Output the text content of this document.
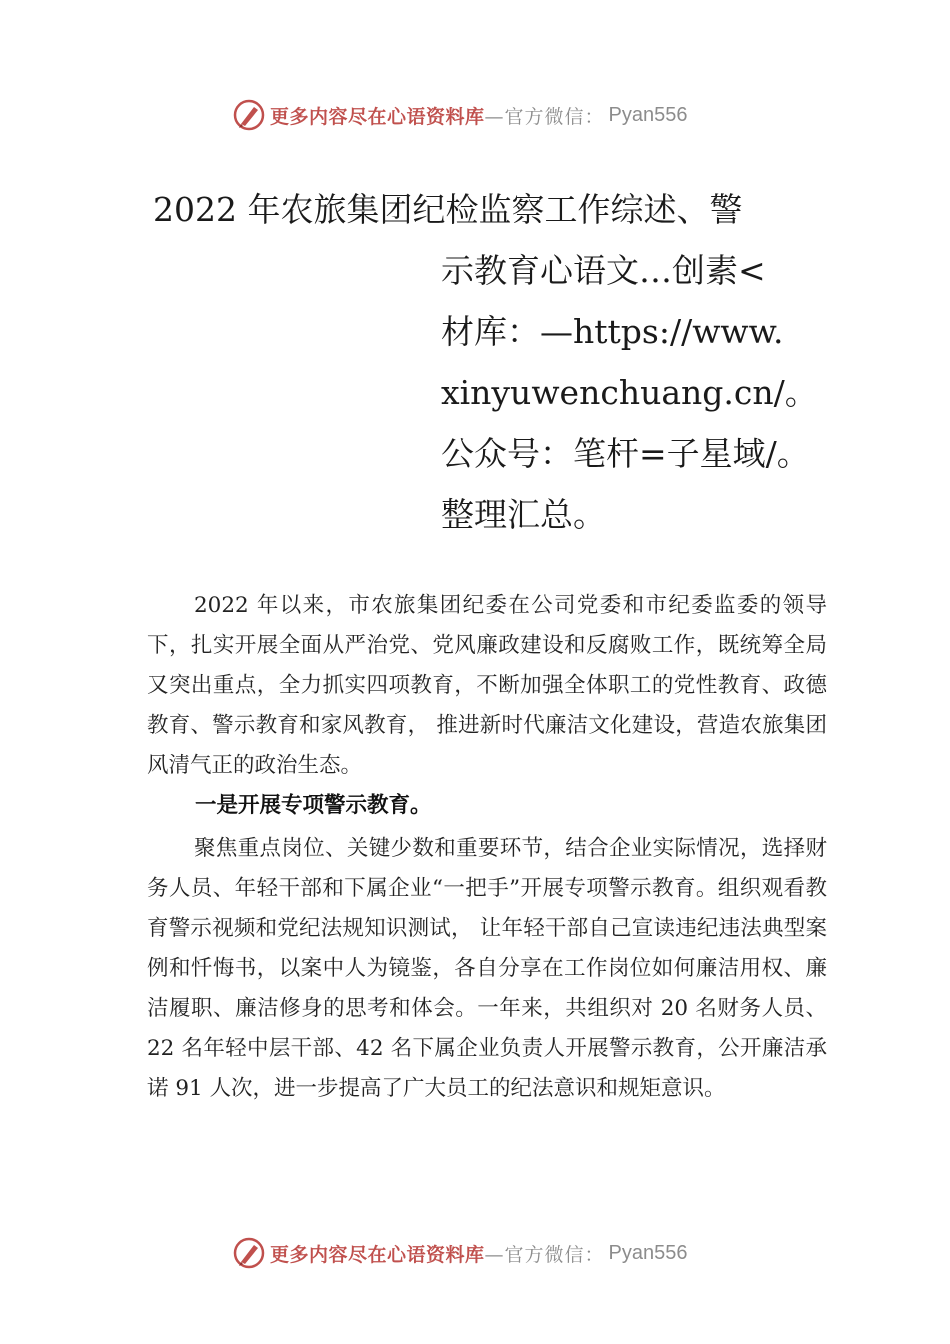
更多内容尽在心语资料库 —官方微信： Pyan556
2022 年农旅集团纪检监察工作综述、警
示教育心语文…创素<
材库：—https://www.
xinyuwenchuang.cn/。
公众号：笔杆=子星域/。
整理汇总。

2022 年以来，市农旅集团纪委在公司党委和市纪委监委的领导下，扎实开展全面从严治党、党风廉政建设和反腐败工作，既统筹全局又突出重点，全力抓实四项教育，不断加强全体职工的党性教育、政德教育、警示教育和家风教育， 推进新时代廉洁文化建设，营造农旅集团风清气正的政治生态。

一是开展专项警示教育。

聚焦重点岗位、关键少数和重要环节，结合企业实际情况，选择财务人员、年轻干部和下属企业“一把手”开展专项警示教育。组织观看教育警示视频和党纪法规知识测试， 让年轻干部自己宣读违纪违法典型案例和忏悔书，以案中人为镜鉴，各自分享在工作岗位如何廉洁用权、廉洁履职、廉洁修身的思考和体会。一年来，共组织对 20 名财务人员、22 名年轻中层干部、42 名下属企业负责人开展警示教育，公开廉洁承诺 91 人次，进一步提高了广大员工的纪法意识和规矩意识。

更多内容尽在心语资料库 —官方微信： Pyan556
